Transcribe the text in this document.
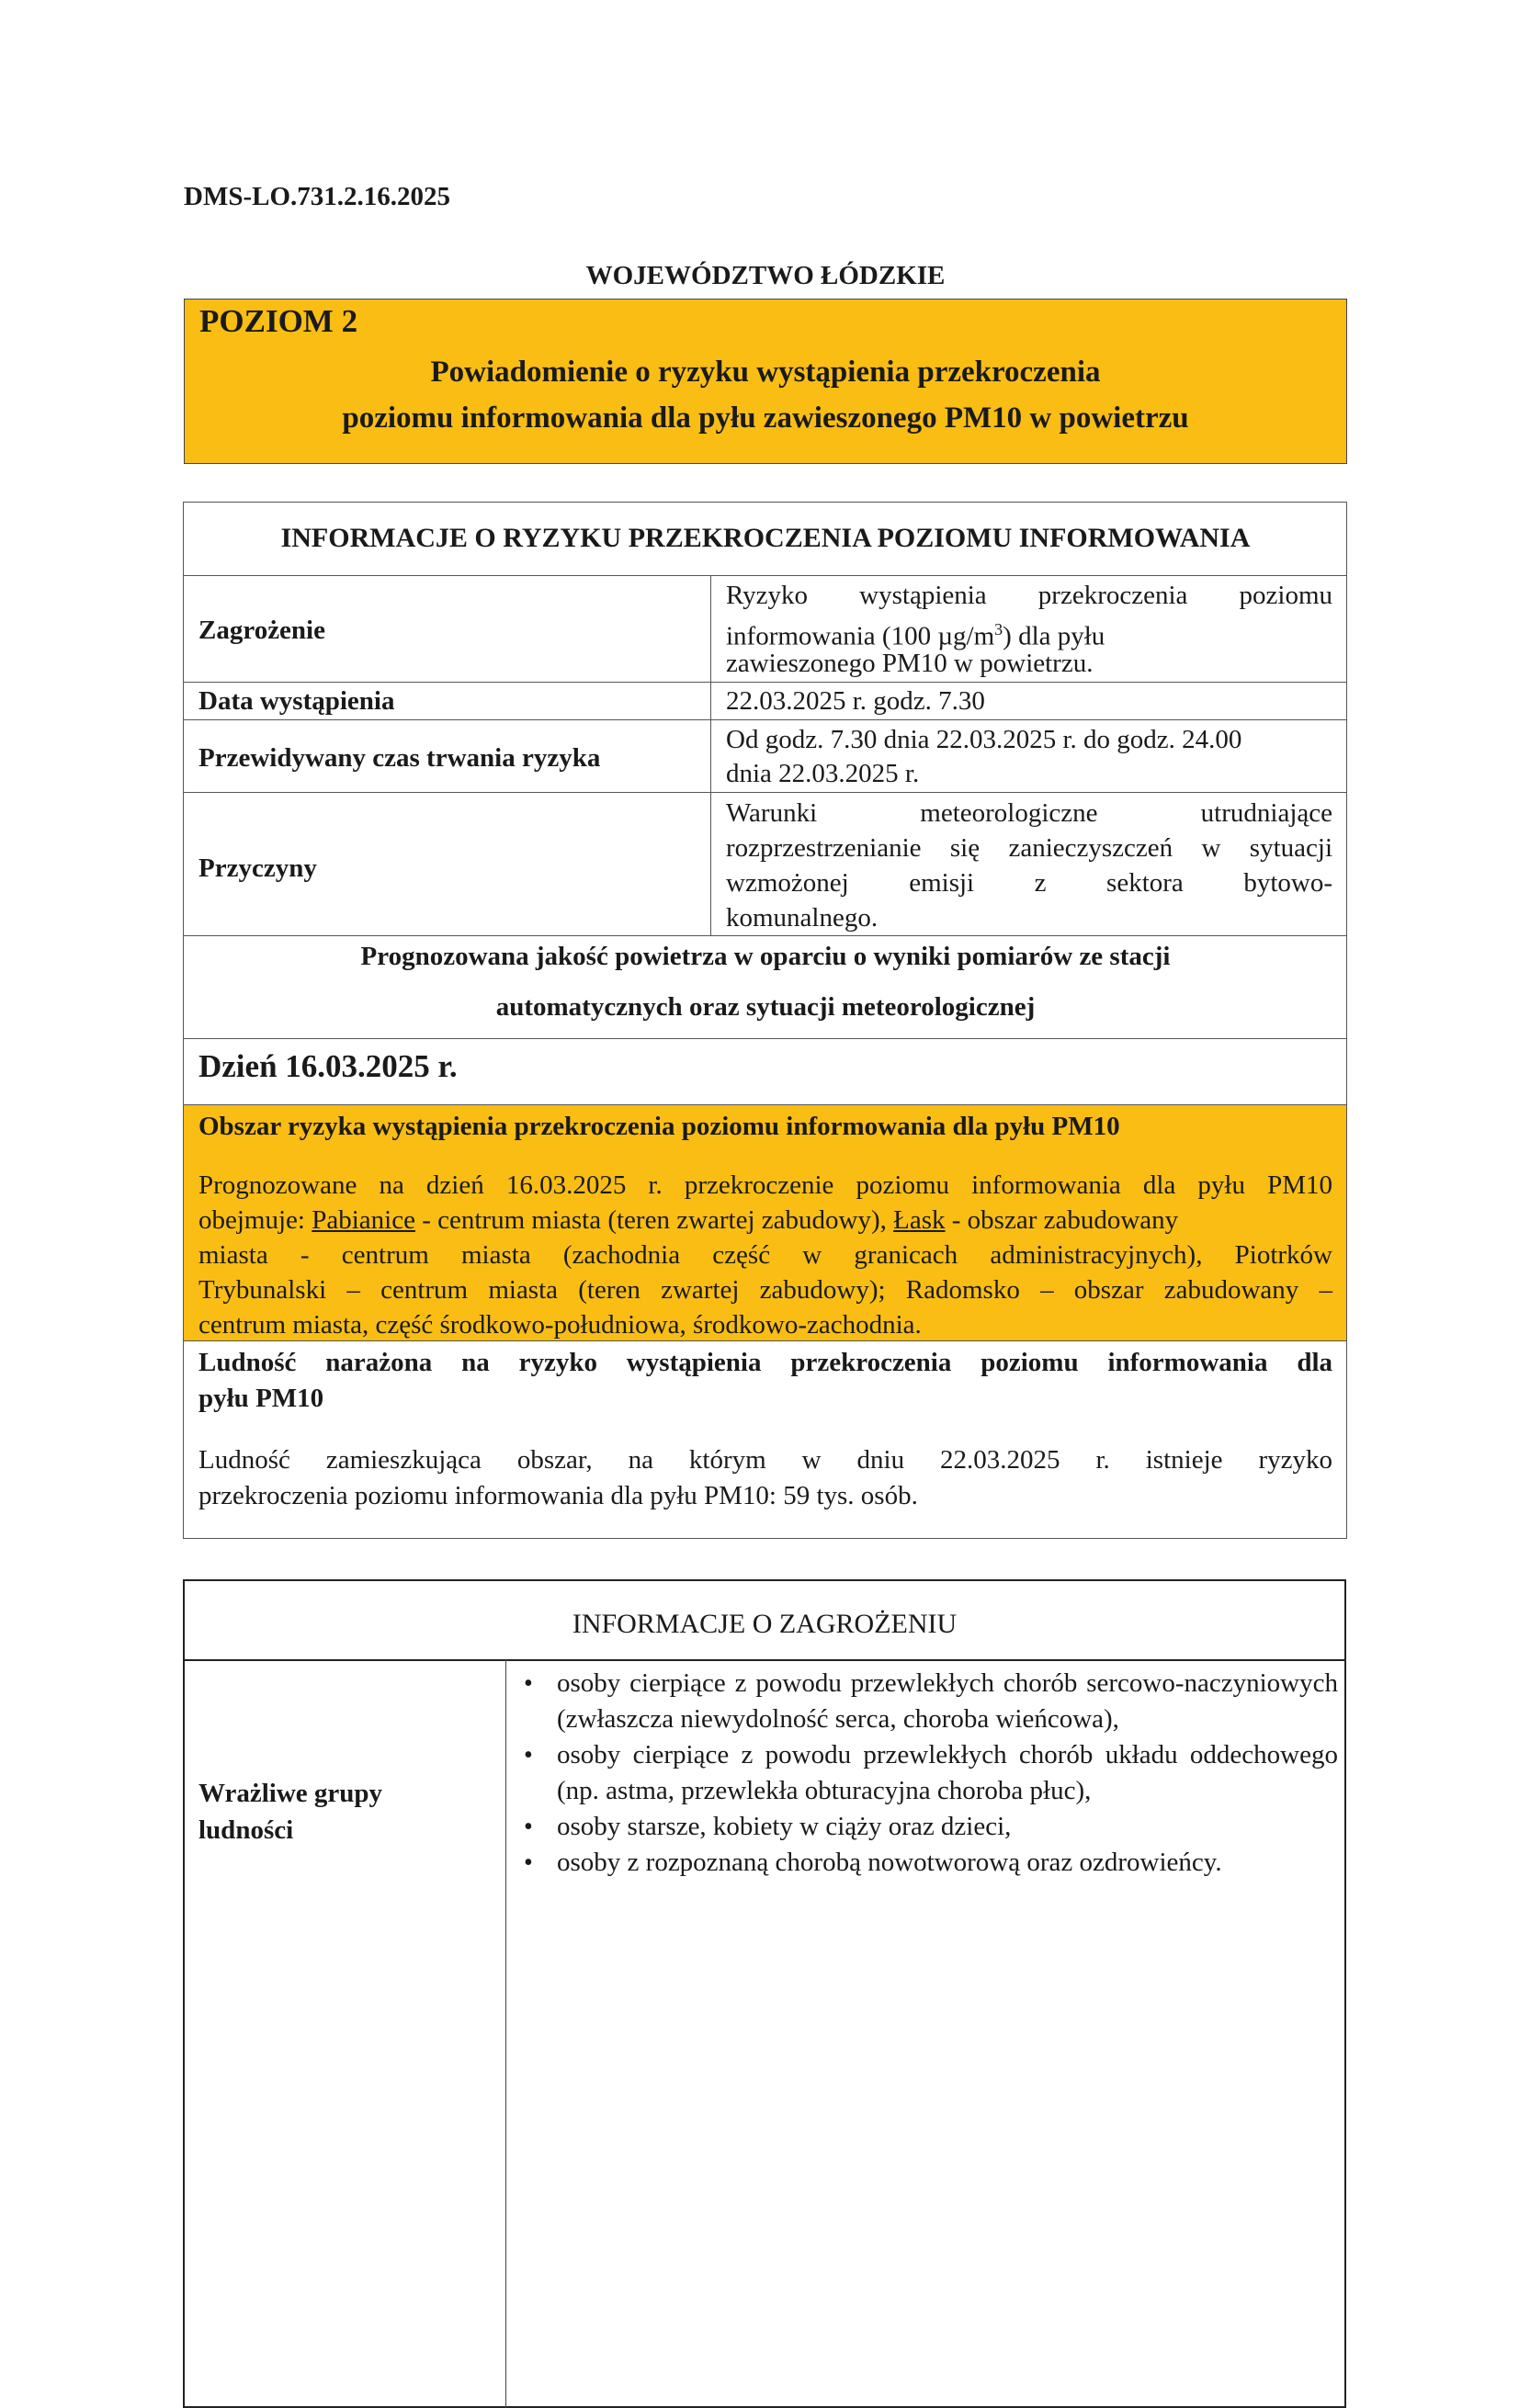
DMS-LO.731.2.16.2025
WOJEWÓDZTWO ŁÓDZKIE
POZIOM 2
Powiadomienie o ryzyku wystąpienia przekroczenia
poziomu informowania dla pyłu zawieszonego PM10 w powietrzu
INFORMACJE O RYZYKU PRZEKROCZENIA POZIOMU INFORMOWANIA
Zagrożenie
Ryzyko wystąpienia przekroczenia poziomu
informowania (100 $\mu g/m^3$) dla pyłu
zawieszonego PM10 w powietrzu.
Data wystąpienia	22.03.2025 r. godz. 7.30
Przewidywany czas trwania ryzyka
Od godz. 7.30 dnia 22.03.2025 r. do godz. 24.00
dnia 22.03.2025 r.
Przyczyny
Warunki meteorologiczne utrudniające
rozprzestrzenianie się zanieczyszczeń w sytuacji
wzmożonej emisji z sektora bytowo-
komunalnego.
Prognozowana jakość powietrza w oparciu o wyniki pomiarów ze stacji
automatycznych oraz sytuacji meteorologicznej
Dzień 16.03.2025 r.
Obszar ryzyka wystąpienia przekroczenia poziomu informowania dla pyłu PM10
Prognozowane na dzień 16.03.2025 r. przekroczenie poziomu informowania dla pyłu PM10
obejmuje: Pabianice - centrum miasta (teren zwartej zabudowy), Łask - obszar zabudowany
miasta - centrum miasta (zachodnia część w granicach administracyjnych), Piotrków
Trybunalski – centrum miasta (teren zwartej zabudowy); Radomsko – obszar zabudowany –
centrum miasta, część środkowo-południowa, środkowo-zachodnia.
Ludność narażona na ryzyko wystąpienia przekroczenia poziomu informowania dla
pyłu PM10
Ludność zamieszkująca obszar, na którym w dniu 22.03.2025 r. istnieje ryzyko
przekroczenia poziomu informowania dla pyłu PM10: 59 tys. osób.
INFORMACJE O ZAGROŻENIU
Wrażliwe grupy
ludności
• osoby cierpiące z powodu przewlekłych chorób sercowo-naczyniowych (zwłaszcza niewydolność serca, choroba wieńcowa),
• osoby cierpiące z powodu przewlekłych chorób układu oddechowego (np. astma, przewlekła obturacyjna choroba płuc),
• osoby starsze, kobiety w ciąży oraz dzieci,
• osoby z rozpoznaną chorobą nowotworową oraz ozdrowieńcy.
